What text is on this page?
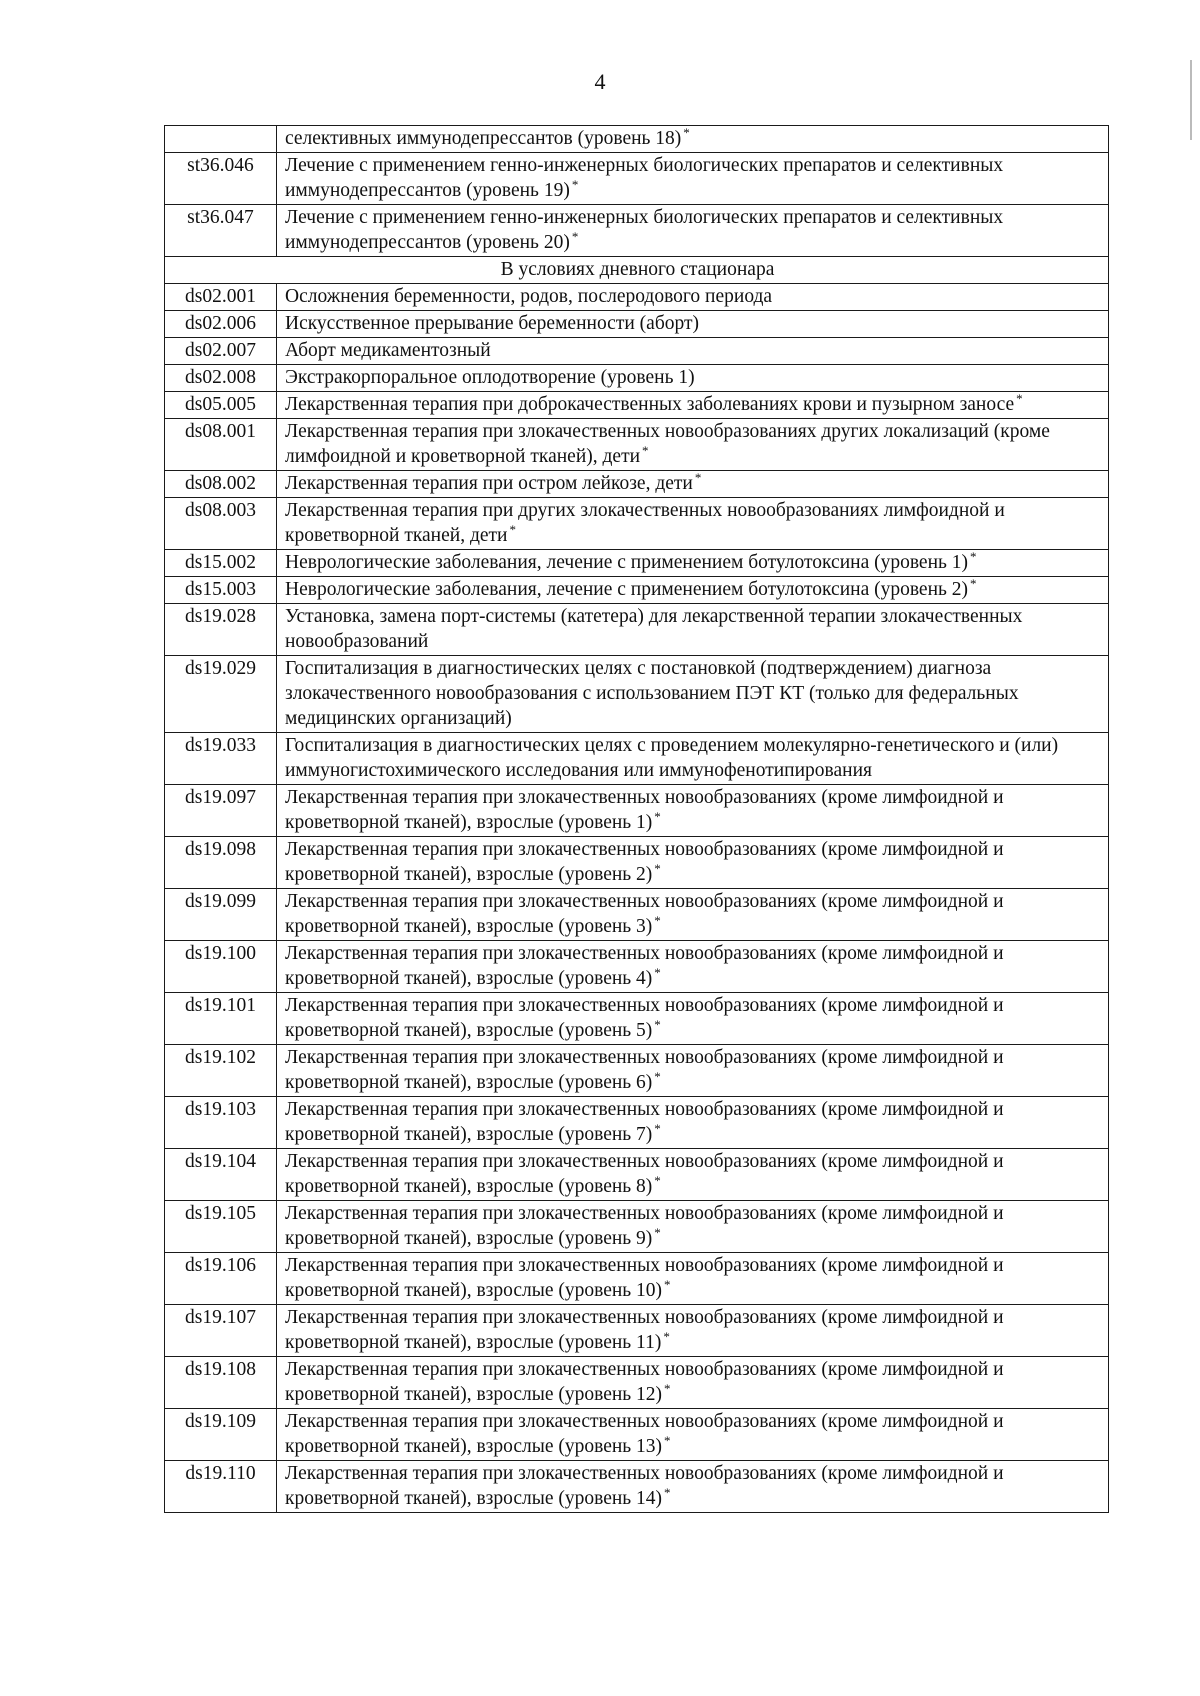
4
	селективных иммунодепрессантов (уровень 18) *
st36.046	Лечение с применением генно-инженерных биологических препаратов и селективных иммунодепрессантов (уровень 19) *
st36.047	Лечение с применением генно-инженерных биологических препаратов и селективных иммунодепрессантов (уровень 20) *
В условиях дневного стационара	
ds02.001	Осложнения беременности, родов, послеродового периода
ds02.006	Искусственное прерывание беременности (аборт)
ds02.007	Аборт медикаментозный
ds02.008	Экстракорпоральное оплодотворение (уровень 1)
ds05.005	Лекарственная терапия при доброкачественных заболеваниях крови и пузырном заносе *
ds08.001	Лекарственная терапия при злокачественных новообразованиях других локализаций (кроме лимфоидной и кроветворной тканей), дети *
ds08.002	Лекарственная терапия при остром лейкозе, дети *
ds08.003	Лекарственная терапия при других злокачественных новообразованиях лимфоидной и кроветворной тканей, дети *
ds15.002	Неврологические заболевания, лечение с применением ботулотоксина (уровень 1) *
ds15.003	Неврологические заболевания, лечение с применением ботулотоксина (уровень 2) *
ds19.028	Установка, замена порт-системы (катетера) для лекарственной терапии злокачественных новообразований
ds19.029	Госпитализация в диагностических целях с постановкой (подтверждением) диагноза злокачественного новообразования с использованием ПЭТ КТ (только для федеральных медицинских организаций)
ds19.033	Госпитализация в диагностических целях с проведением молекулярно-генетического и (или) иммуногистохимического исследования или иммунофенотипирования
ds19.097	Лекарственная терапия при злокачественных новообразованиях (кроме лимфоидной и кроветворной тканей), взрослые (уровень 1) *
ds19.098	Лекарственная терапия при злокачественных новообразованиях (кроме лимфоидной и кроветворной тканей), взрослые (уровень 2) *
ds19.099	Лекарственная терапия при злокачественных новообразованиях (кроме лимфоидной и кроветворной тканей), взрослые (уровень 3) *
ds19.100	Лекарственная терапия при злокачественных новообразованиях (кроме лимфоидной и кроветворной тканей), взрослые (уровень 4) *
ds19.101	Лекарственная терапия при злокачественных новообразованиях (кроме лимфоидной и кроветворной тканей), взрослые (уровень 5) *
ds19.102	Лекарственная терапия при злокачественных новообразованиях (кроме лимфоидной и кроветворной тканей), взрослые (уровень 6) *
ds19.103	Лекарственная терапия при злокачественных новообразованиях (кроме лимфоидной и кроветворной тканей), взрослые (уровень 7) *
ds19.104	Лекарственная терапия при злокачественных новообразованиях (кроме лимфоидной и кроветворной тканей), взрослые (уровень 8) *
ds19.105	Лекарственная терапия при злокачественных новообразованиях (кроме лимфоидной и кроветворной тканей), взрослые (уровень 9) *
ds19.106	Лекарственная терапия при злокачественных новообразованиях (кроме лимфоидной и кроветворной тканей), взрослые (уровень 10) *
ds19.107	Лекарственная терапия при злокачественных новообразованиях (кроме лимфоидной и кроветворной тканей), взрослые (уровень 11) *
ds19.108	Лекарственная терапия при злокачественных новообразованиях (кроме лимфоидной и кроветворной тканей), взрослые (уровень 12) *
ds19.109	Лекарственная терапия при злокачественных новообразованиях (кроме лимфоидной и кроветворной тканей), взрослые (уровень 13) *
ds19.110	Лекарственная терапия при злокачественных новообразованиях (кроме лимфоидной и кроветворной тканей), взрослые (уровень 14) *
